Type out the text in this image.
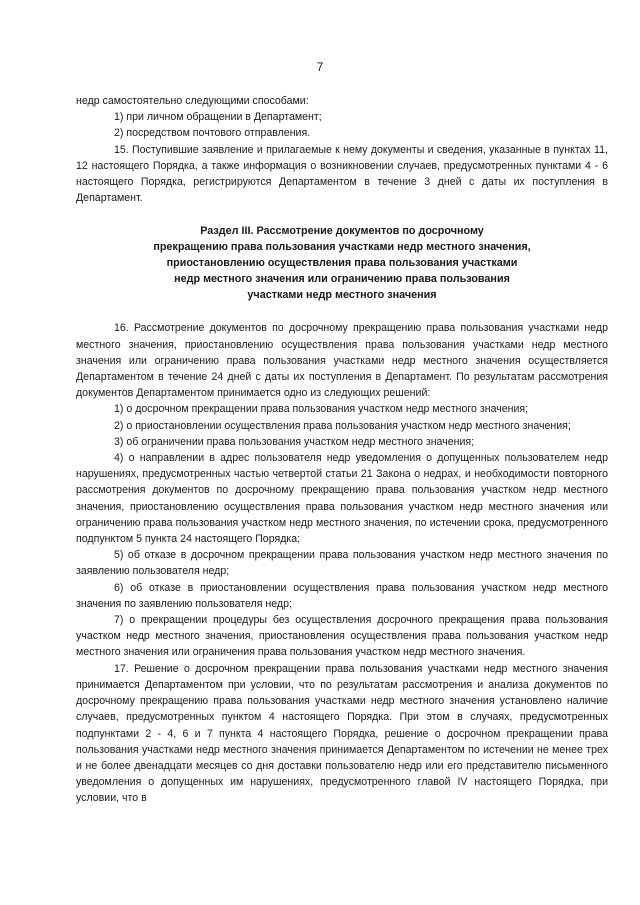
7

недр самостоятельно следующими способами:

1) при личном обращении в Департамент;

2) посредством почтового отправления.

15. Поступившие заявление и прилагаемые к нему документы и сведения, указанные в пунктах 11, 12 настоящего Порядка, а также информация о возникновении случаев, предусмотренных пунктами 4 - 6 настоящего Порядка, регистрируются Департаментом в течение 3 дней с даты их поступления в Департамент.

Раздел III. Рассмотрение документов по досрочному
прекращению права пользования участками недр местного значения,
приостановлению осуществления права пользования участками
недр местного значения или ограничению права пользования
участками недр местного значения

16. Рассмотрение документов по досрочному прекращению права пользования участками недр местного значения, приостановлению осуществления права пользования участками недр местного значения или ограничению права пользования участками недр местного значения осуществляется Департаментом в течение 24 дней с даты их поступления в Департамент. По результатам рассмотрения документов Департаментом принимается одно из следующих решений:

1) о досрочном прекращении права пользования участком недр местного значения;

2) о приостановлении осуществления права пользования участком недр местного значения;

3) об ограничении права пользования участком недр местного значения;

4) о направлении в адрес пользователя недр уведомления о допущенных пользователем недр нарушениях, предусмотренных частью четвертой статьи 21 Закона о недрах, и необходимости повторного рассмотрения документов по досрочному прекращению права пользования участком недр местного значения, приостановлению осуществления права пользования участком недр местного значения или ограничению права пользования участком недр местного значения, по истечении срока, предусмотренного подпунктом 5 пункта 24 настоящего Порядка;

5) об отказе в досрочном прекращении права пользования участком недр местного значения по заявлению пользователя недр;

6) об отказе в приостановлении осуществления права пользования участком недр местного значения по заявлению пользователя недр;

7) о прекращении процедуры без осуществления досрочного прекращения права пользования участком недр местного значения, приостановления осуществления права пользования участком недр местного значения или ограничения права пользования участком недр местного значения.

17. Решение о досрочном прекращении права пользования участками недр местного значения принимается Департаментом при условии, что по результатам рассмотрения и анализа документов по досрочному прекращению права пользования участками недр местного значения установлено наличие случаев, предусмотренных пунктом 4 настоящего Порядка. При этом в случаях, предусмотренных подпунктами 2 - 4, 6 и 7 пункта 4 настоящего Порядка, решение о досрочном прекращении права пользования участками недр местного значения принимается Департаментом по истечении не менее трех и не более двенадцати месяцев со дня доставки пользователю недр или его представителю письменного уведомления о допущенных им нарушениях, предусмотренного главой IV настоящего Порядка, при условии, что в
